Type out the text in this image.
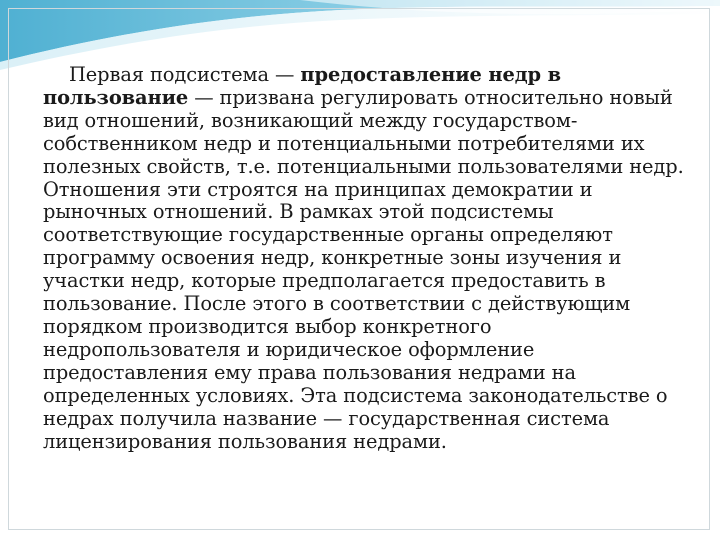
Первая подсистема — предоставление недр в пользование — призвана регулировать относительно новый вид отношений, возникающий между государством-собственником недр и потенциальными потребителями их полезных свойств, т.е. потенциальными пользователями недр. Отношения эти строятся на принципах демократии и рыночных отношений. В рамках этой подсистемы соответствующие государственные органы определяют программу освоения недр, конкретные зоны изучения и участки недр, которые предполагается предоставить в пользование. После этого в соответствии с действующим порядком производится выбор конкретного недропользователя и юридическое оформление предоставления ему права пользования недрами на определенных условиях. Эта подсистема законодательстве о недрах получила название — государственная система лицензирования пользования недрами.
